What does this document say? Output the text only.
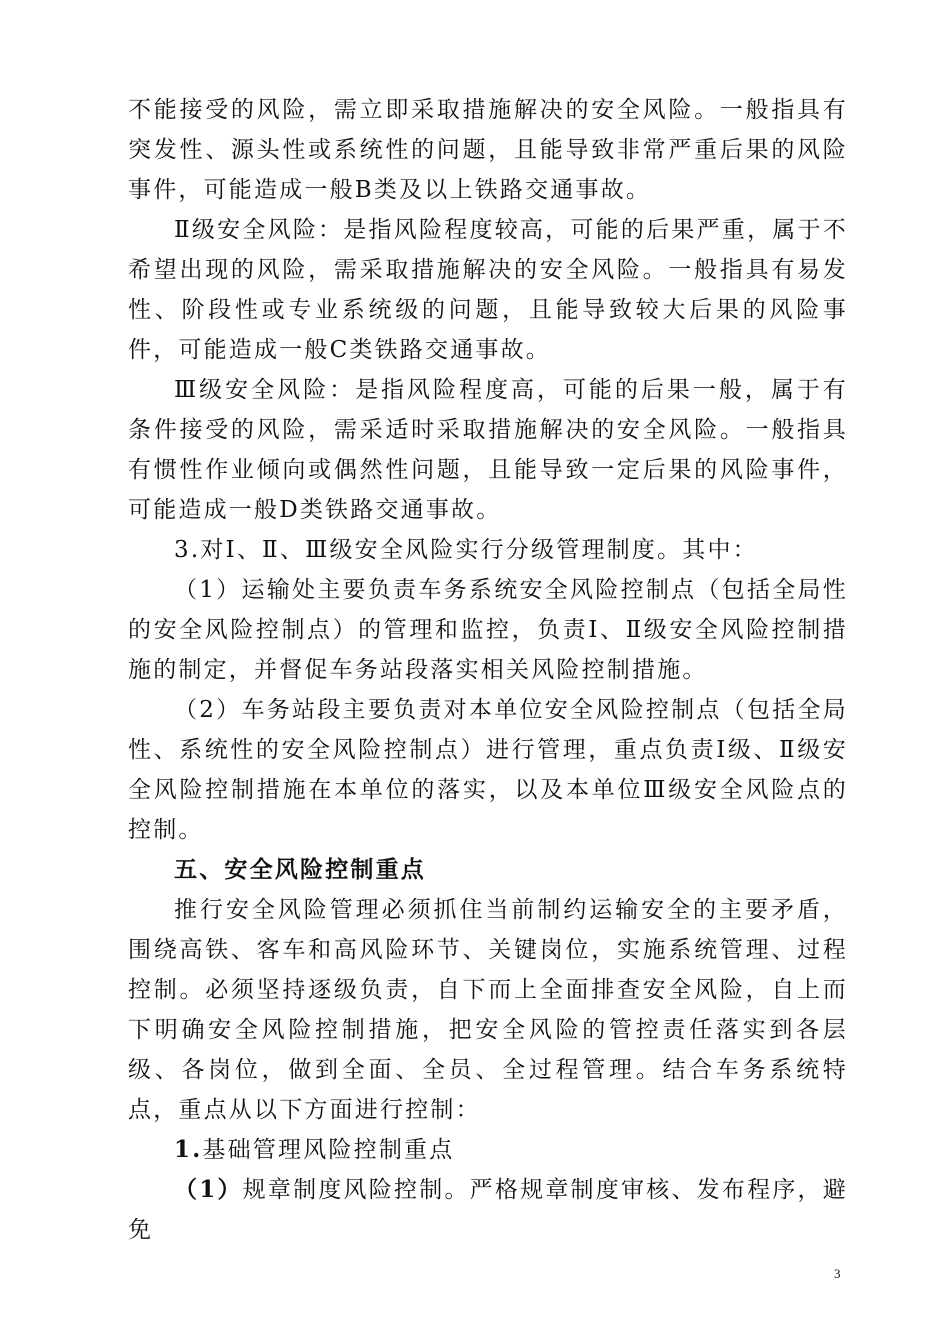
不能接受的风险，需立即采取措施解决的安全风险。一般指具有突发性、源头性或系统性的问题，且能导致非常严重后果的风险事件，可能造成一般B类及以上铁路交通事故。

Ⅱ级安全风险：是指风险程度较高，可能的后果严重，属于不希望出现的风险，需采取措施解决的安全风险。一般指具有易发性、阶段性或专业系统级的问题，且能导致较大后果的风险事件，可能造成一般C类铁路交通事故。

Ⅲ级安全风险：是指风险程度高，可能的后果一般，属于有条件接受的风险，需采适时采取措施解决的安全风险。一般指具有惯性作业倾向或偶然性问题，且能导致一定后果的风险事件，可能造成一般D类铁路交通事故。

3.对Ⅰ、Ⅱ、Ⅲ级安全风险实行分级管理制度。其中：

（1）运输处主要负责车务系统安全风险控制点（包括全局性的安全风险控制点）的管理和监控，负责Ⅰ、Ⅱ级安全风险控制措施的制定，并督促车务站段落实相关风险控制措施。

（2）车务站段主要负责对本单位安全风险控制点（包括全局性、系统性的安全风险控制点）进行管理，重点负责Ⅰ级、Ⅱ级安全风险控制措施在本单位的落实，以及本单位Ⅲ级安全风险点的控制。

五、安全风险控制重点

推行安全风险管理必须抓住当前制约运输安全的主要矛盾，围绕高铁、客车和高风险环节、关键岗位，实施系统管理、过程控制。必须坚持逐级负责，自下而上全面排查安全风险，自上而下明确安全风险控制措施，把安全风险的管控责任落实到各层级、各岗位，做到全面、全员、全过程管理。结合车务系统特点，重点从以下方面进行控制：

1.基础管理风险控制重点

（1）规章制度风险控制。严格规章制度审核、发布程序，避免

3
